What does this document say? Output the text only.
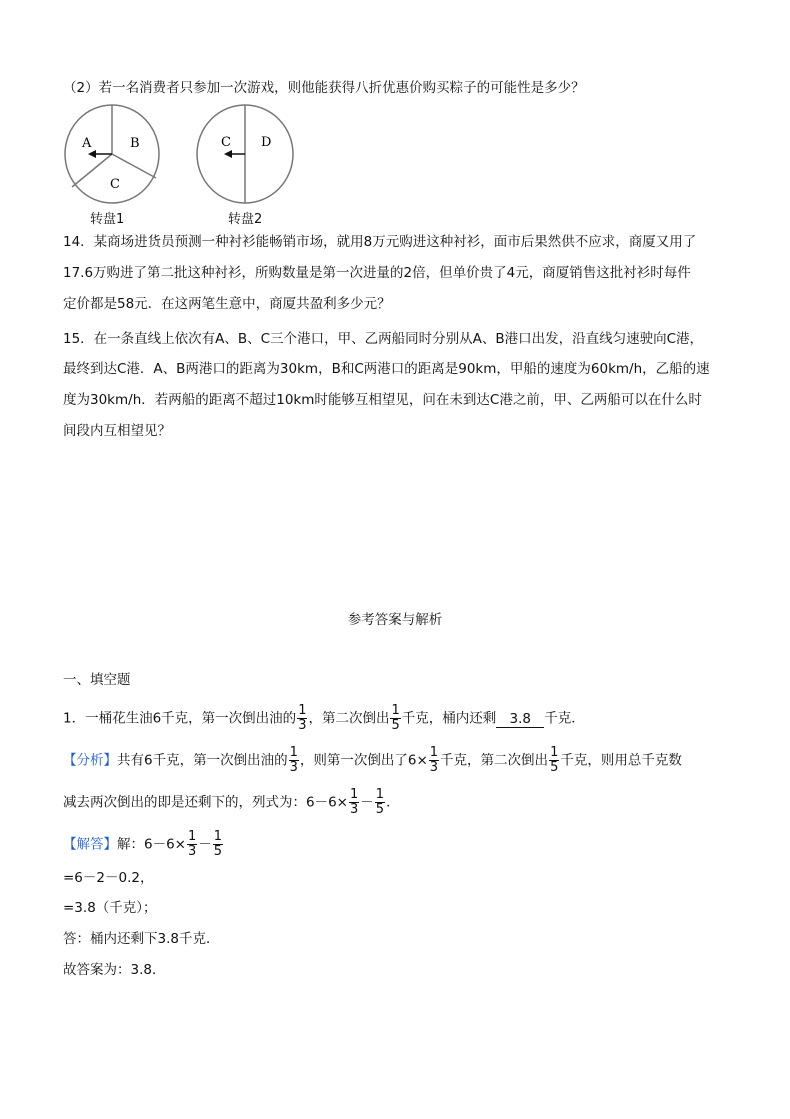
（2）若一名消费者只参加一次游戏，则他能获得八折优惠价购买粽子的可能性是多少？
A	B
C
C D
转盘1	转盘2
14．某商场进货员预测一种衬衫能畅销市场，就用8万元购进这种衬衫，面市后果然供不应求，商厦又用了
17.6万购进了第二批这种衬衫，所购数量是第一次进量的2倍，但单价贵了4元，商厦销售这批衬衫时每件
定价都是58元．在这两笔生意中，商厦共盈利多少元？
15．在一条直线上依次有A、B、C三个港口，甲、乙两船同时分别从A、B港口出发，沿直线匀速驶向C港，
最终到达C港．A、B两港口的距离为30km，B和C两港口的距离是90km，甲船的速度为60km/h，乙船的速
度为30km/h．若两船的距离不超过10km时能够互相望见，问在未到达C港之前，甲、乙两船可以在什么时
间段内互相望见？
参考答案与解析
一、填空题
1．一桶花生油6千克，第一次倒出油的 $\frac{1}{3}$ ，第二次倒出 $\frac{1}{5}$ 千克，桶内还剩 3.8 千克．
【分析】共有6千克，第一次倒出油的 $\frac{1}{3}$ ，则第一次倒出了$6\times \frac{1}{3}$ 千克，第二次倒出 $\frac{1}{5}$ 千克，则用总千克数
减去两次倒出的即是还剩下的，列式为：$6-6\times \frac{1}{3} - \frac{1}{5}$ ．
【解答】解：$6-6\times \frac{1}{3} - \frac{1}{5}$
=6－2－0.2，
=3.8（千克）；
答：桶内还剩下3.8千克．
故答案为：3.8．
